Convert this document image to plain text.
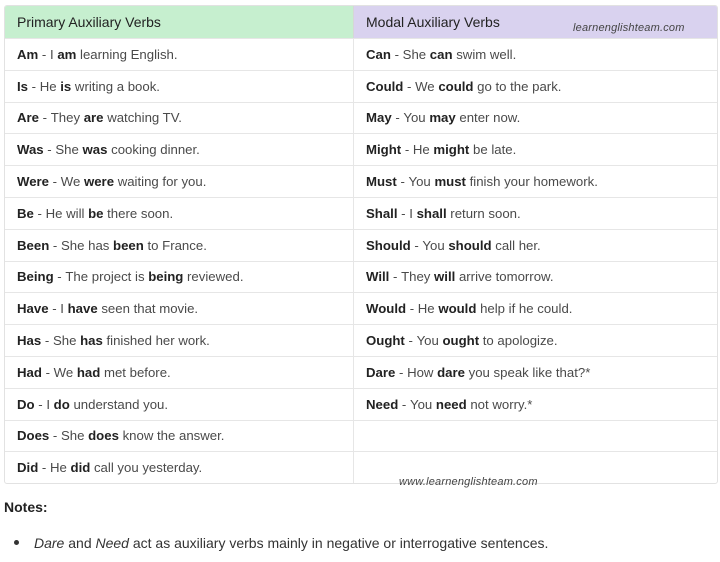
Primary Auxiliary Verbs	Modal Auxiliary Verbs	learnenglishteam.com
Am - I am learning English.	Can - She can swim well.
Is - He is writing a book.	Could - We could go to the park.
Are - They are watching TV.	May - You may enter now.
Was - She was cooking dinner.	Might - He might be late.
Were - We were waiting for you.	Must - You must finish your homework.
Be - He will be there soon.	Shall - I shall return soon.
Been - She has been to France.	Should - You should call her.
Being - The project is being reviewed.	Will - They will arrive tomorrow.
Have - I have seen that movie.	Would - He would help if he could.
Has - She has finished her work.	Ought - You ought to apologize.
Had - We had met before.	Dare - How dare you speak like that?*
Do - I do understand you.	Need - You need not worry.*
Does - She does know the answer.
Did - He did call you yesterday.
www.learnenglishteam.com
Notes:
Dare and Need act as auxiliary verbs mainly in negative or interrogative sentences.
